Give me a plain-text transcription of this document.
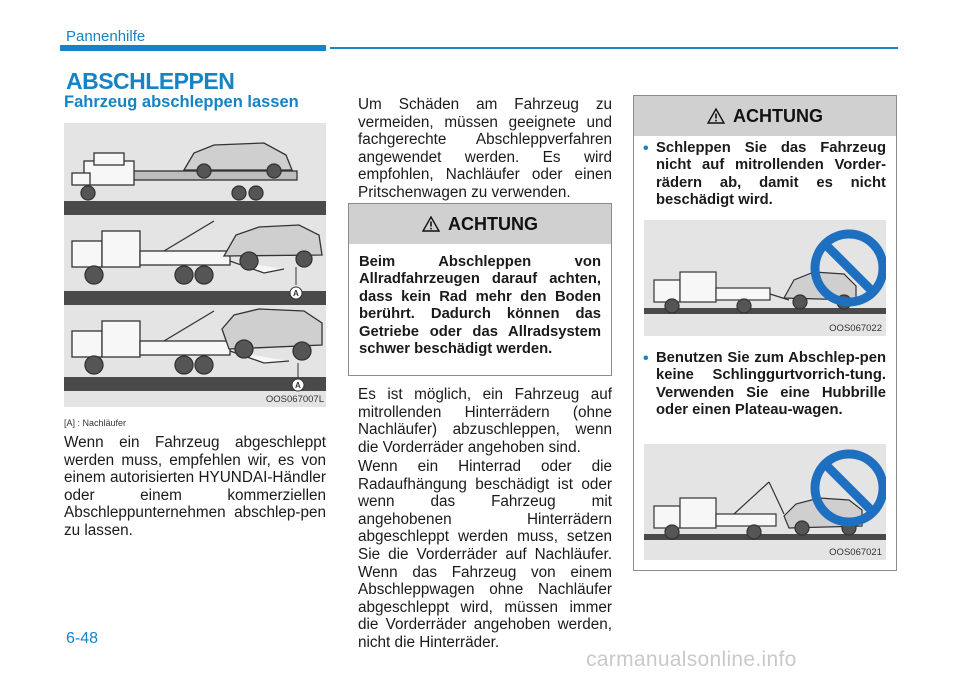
Pannenhilfe
ABSCHLEPPEN
Fahrzeug abschleppen lassen
A
A
OOS067007L
[A] : Nachläufer
Wenn ein Fahrzeug abgeschleppt werden muss, empfehlen wir, es von einem autorisierten HYUNDAI-Händler oder einem kommerziellen Abschleppunternehmen abschlep-pen zu lassen.
Um Schäden am Fahrzeug zu vermeiden, müssen geeignete und fachgerechte Abschleppverfahren angewendet werden. Es wird empfohlen, Nachläufer oder einen Pritschenwagen zu verwenden.
ACHTUNG
Beim Abschleppen von Allradfahrzeugen darauf achten, dass kein Rad mehr den Boden berührt. Dadurch können das Getriebe oder das Allradsystem schwer beschädigt werden.
Es ist möglich, ein Fahrzeug auf mitrollenden Hinterrädern (ohne Nachläufer) abzuschleppen, wenn die Vorderräder angehoben sind.
Wenn ein Hinterrad oder die Radaufhängung beschädigt ist oder wenn das Fahrzeug mit angehobenen Hinterrädern abgeschleppt werden muss, setzen Sie die Vorderräder auf Nachläufer. Wenn das Fahrzeug von einem Abschleppwagen ohne Nachläufer abgeschleppt wird, müssen immer die Vorderräder angehoben werden, nicht die Hinterräder.
ACHTUNG
• Schleppen Sie das Fahrzeug nicht auf mitrollenden Vorder-rädern ab, damit es nicht beschädigt wird.
OOS067022
• Benutzen Sie zum Abschlep-pen keine Schlinggurtvorrich-tung. Verwenden Sie eine Hubbrille oder einen Plateau-wagen.
OOS067021
6-48
carmanualsonline.info
